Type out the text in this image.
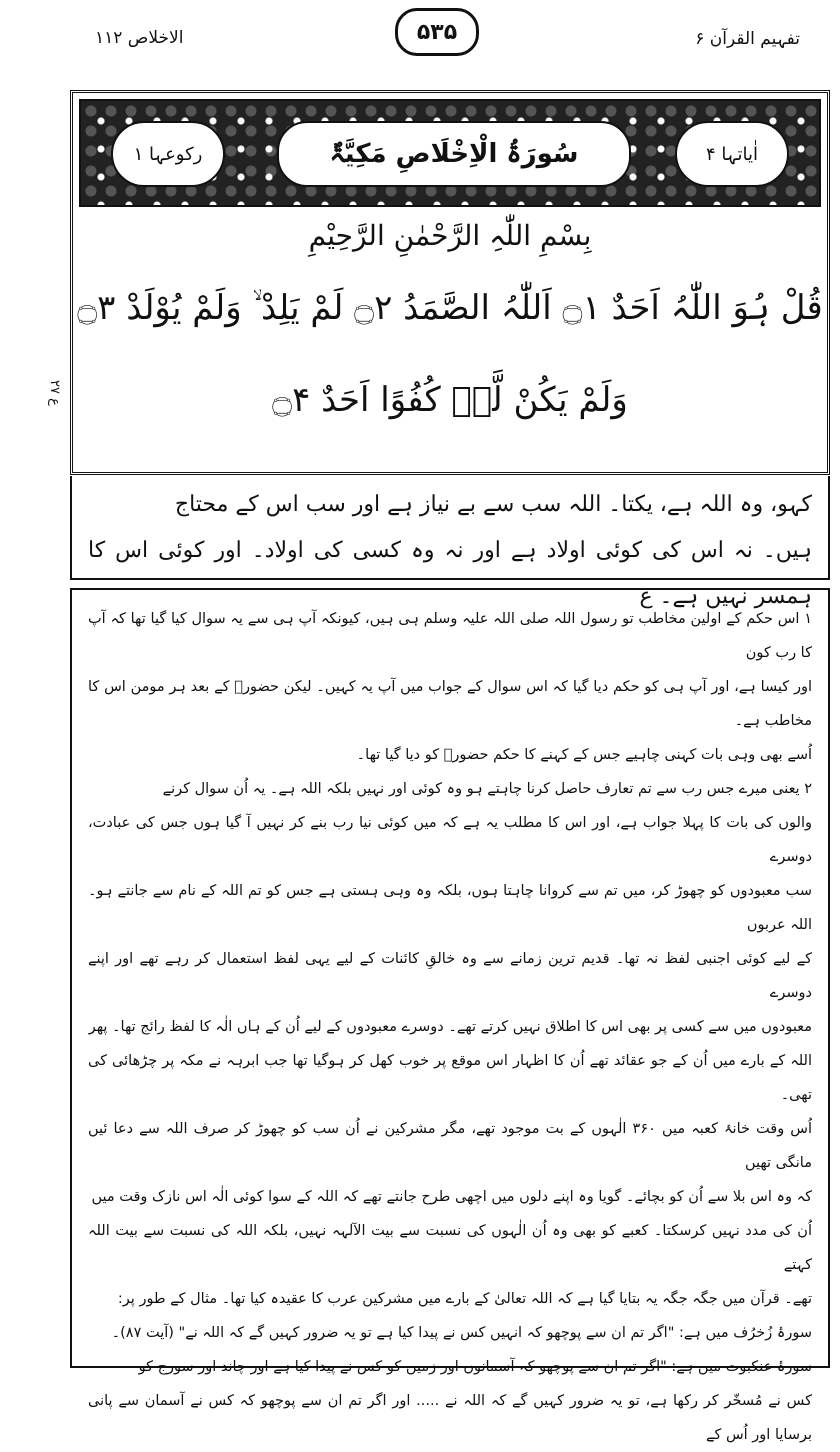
تفہیم القرآن ۶
۵۳۵
الاخلاص ۱۱۲
اٰیاتہا ۴
سُورَۃُ الْاِخْلَاصِ مَکِیَّۃٌ
رکوعہا ۱
بِسْمِ اللّٰہِ الرَّحْمٰنِ الرَّحِیْمِ
قُلْ ہُوَ اللّٰہُ اَحَدٌ ۝۱ اَللّٰہُ الصَّمَدُ ۝۲ لَمْ یَلِدْ ۙ وَلَمْ یُوْلَدْ ۝۳
وَلَمْ یَکُنْ لَّہٗ کُفُوًا اَحَدٌ ۝۴
ع ۲۷

کہو، وہ اللہ ہے، یکتا۔ اللہ سب سے بے نیاز ہے اور سب اس کے محتاج

ہیں۔ نہ اس کی کوئی اولاد ہے اور نہ وہ کسی کی اولاد۔ اور کوئی اس کا ہمسر نہیں ہے۔ ع

۱ اس حکم کے اولین مخاطب تو رسول اللہ صلی اللہ علیہ وسلم ہی ہیں، کیونکہ آپ ہی سے یہ سوال کیا گیا تھا کہ آپ کا رب کون

اور کیسا ہے، اور آپ ہی کو حکم دیا گیا کہ اس سوال کے جواب میں آپ یہ کہیں۔ لیکن حضورؐ کے بعد ہر مومن اس کا مخاطب ہے۔

اُسے بھی وہی بات کہنی چاہیے جس کے کہنے کا حکم حضورؐ کو دیا گیا تھا۔

۲ یعنی میرے جس رب سے تم تعارف حاصل کرنا چاہتے ہو وہ کوئی اور نہیں بلکہ اللہ ہے۔ یہ اُن سوال کرنے

والوں کی بات کا پہلا جواب ہے، اور اس کا مطلب یہ ہے کہ میں کوئی نیا رب بنے کر نہیں آ گیا ہوں جس کی عبادت، دوسرے

سب معبودوں کو چھوڑ کر، میں تم سے کروانا چاہتا ہوں، بلکہ وہ وہی ہستی ہے جس کو تم اللہ کے نام سے جانتے ہو۔ اللہ عربوں

کے لیے کوئی اجنبی لفظ نہ تھا۔ قدیم ترین زمانے سے وہ خالقِ کائنات کے لیے یہی لفظ استعمال کر رہے تھے اور اپنے دوسرے

معبودوں میں سے کسی پر بھی اس کا اطلاق نہیں کرتے تھے۔ دوسرے معبودوں کے لیے اُن کے ہاں الٰہ کا لفظ رائج تھا۔ پھر

اللہ کے بارے میں اُن کے جو عقائد تھے اُن کا اظہار اس موقع پر خوب کھل کر ہوگیا تھا جب ابرہہ نے مکہ پر چڑھائی کی تھی۔

اُس وقت خانۂ کعبہ میں ۳۶۰ الٰہوں کے بت موجود تھے، مگر مشرکین نے اُن سب کو چھوڑ کر صرف اللہ سے دعا ئیں مانگی تھیں

کہ وہ اس بلا سے اُن کو بچائے۔ گویا وہ اپنے دلوں میں اچھی طرح جانتے تھے کہ اللہ کے سوا کوئی الٰہ اس نازک وقت میں

اُن کی مدد نہیں کرسکتا۔ کعبے کو بھی وہ اُن الٰہوں کی نسبت سے بیت الآلہہ نہیں، بلکہ اللہ کی نسبت سے بیت اللہ کہتے

تھے۔ قرآن میں جگہ جگہ یہ بتایا گیا ہے کہ اللہ تعالیٰ کے بارے میں مشرکین عرب کا عقیدہ کیا تھا۔ مثال کے طور پر:

سورۂ زُخرُف میں ہے: "اگر تم ان سے پوچھو کہ انہیں کس نے پیدا کیا ہے تو یہ ضرور کہیں گے کہ اللہ نے" (آیت ۸۷)۔

سورۂ عنکبوت میں ہے: "اگر تم ان سے پوچھو کہ آسمانوں اور زمین کو کس نے پیدا کیا ہے اور چاند اور سورج کو

کس نے مُسخّر کر رکھا ہے، تو یہ ضرور کہیں گے کہ اللہ نے ..... اور اگر تم ان سے پوچھو کہ کس نے آسمان سے پانی برسایا اور اُس کے
